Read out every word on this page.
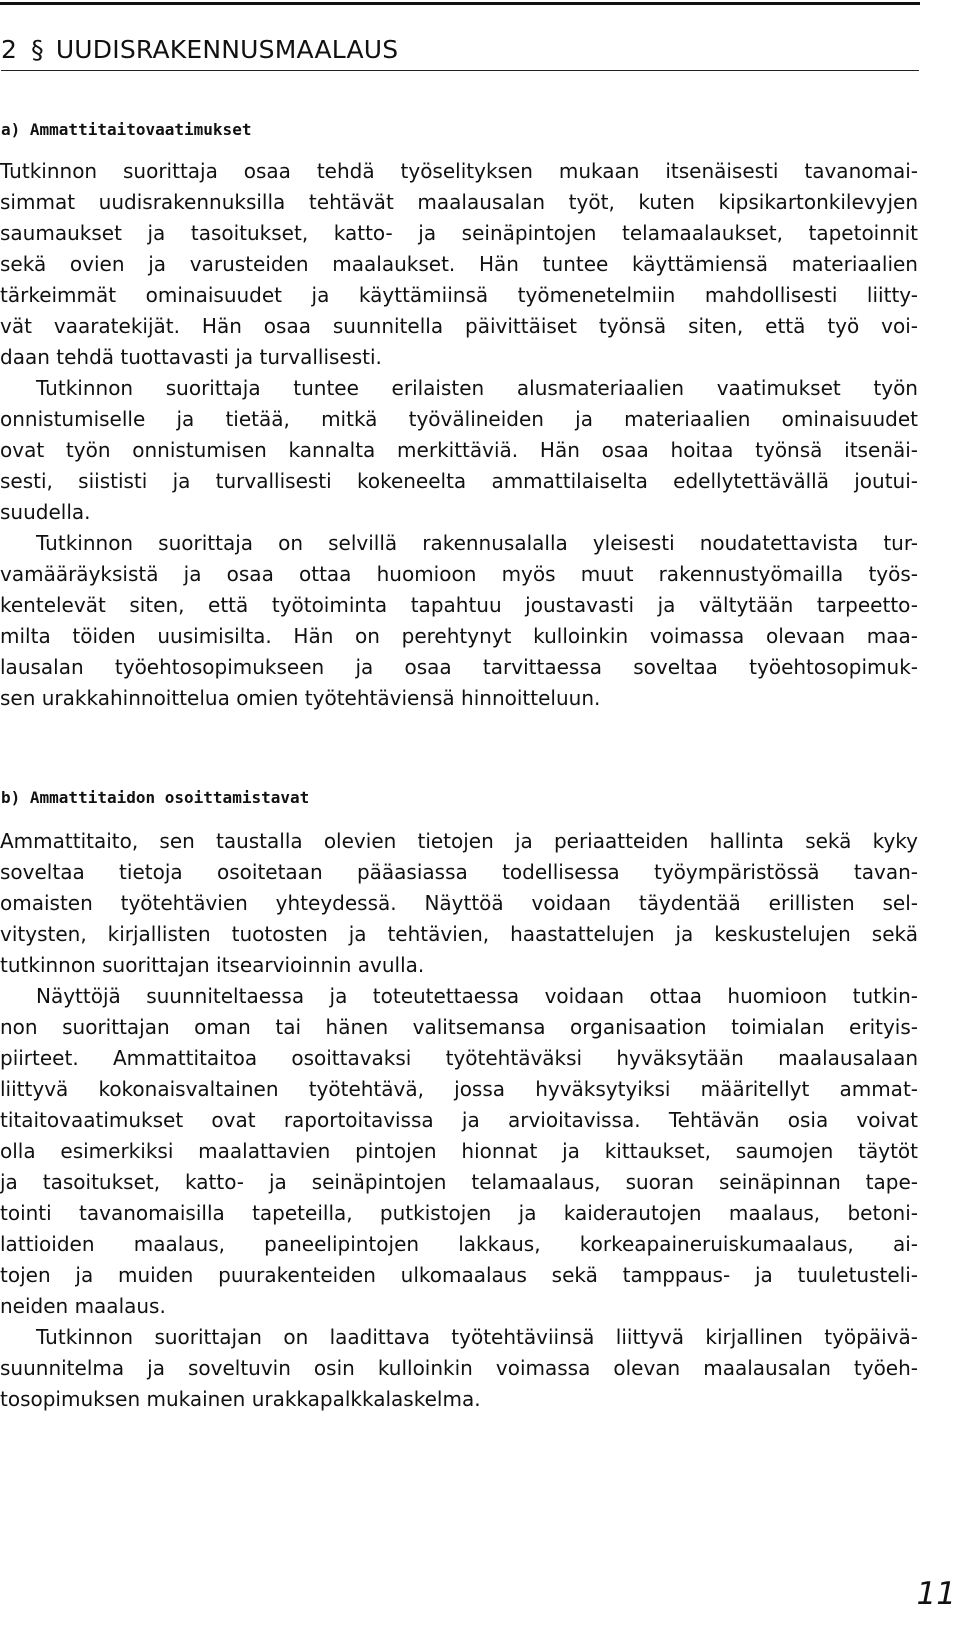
2 § UUDISRAKENNUSMAALAUS
a) Ammattitaitovaatimukset
Tutkinnon suorittaja osaa tehdä työselityksen mukaan itsenäisesti tavanomai-
simmat uudisrakennuksilla tehtävät maalausalan työt, kuten kipsikartonkilevyjen
saumaukset ja tasoitukset, katto- ja seinäpintojen telamaalaukset, tapetoinnit
sekä ovien ja varusteiden maalaukset. Hän tuntee käyttämiensä materiaalien
tärkeimmät ominaisuudet ja käyttämiinsä työmenetelmiin mahdollisesti liitty-
vät vaaratekijät. Hän osaa suunnitella päivittäiset työnsä siten, että työ voi-
daan tehdä tuottavasti ja turvallisesti.
Tutkinnon suorittaja tuntee erilaisten alusmateriaalien vaatimukset työn
onnistumiselle ja tietää, mitkä työvälineiden ja materiaalien ominaisuudet
ovat työn onnistumisen kannalta merkittäviä. Hän osaa hoitaa työnsä itsenäi-
sesti, siististi ja turvallisesti kokeneelta ammattilaiselta edellytettävällä joutui-
suudella.
Tutkinnon suorittaja on selvillä rakennusalalla yleisesti noudatettavista tur-
vamääräyksistä ja osaa ottaa huomioon myös muut rakennustyömailla työs-
kentelevät siten, että työtoiminta tapahtuu joustavasti ja vältytään tarpeetto-
milta töiden uusimisilta. Hän on perehtynyt kulloinkin voimassa olevaan maa-
lausalan työehtosopimukseen ja osaa tarvittaessa soveltaa työehtosopimuk-
sen urakkahinnoittelua omien työtehtäviensä hinnoitteluun.
b) Ammattitaidon osoittamistavat
Ammattitaito, sen taustalla olevien tietojen ja periaatteiden hallinta sekä kyky
soveltaa tietoja osoitetaan pääasiassa todellisessa työympäristössä tavan-
omaisten työtehtävien yhteydessä. Näyttöä voidaan täydentää erillisten sel-
vitysten, kirjallisten tuotosten ja tehtävien, haastattelujen ja keskustelujen sekä
tutkinnon suorittajan itsearvioinnin avulla.
Näyttöjä suunniteltaessa ja toteutettaessa voidaan ottaa huomioon tutkin-
non suorittajan oman tai hänen valitsemansa organisaation toimialan erityis-
piirteet. Ammattitaitoa osoittavaksi työtehtäväksi hyväksytään maalausalaan
liittyvä kokonaisvaltainen työtehtävä, jossa hyväksytyiksi määritellyt ammat-
titaitovaatimukset ovat raportoitavissa ja arvioitavissa. Tehtävän osia voivat
olla esimerkiksi maalattavien pintojen hionnat ja kittaukset, saumojen täytöt
ja tasoitukset, katto- ja seinäpintojen telamaalaus, suoran seinäpinnan tape-
tointi tavanomaisilla tapeteilla, putkistojen ja kaiderautojen maalaus, betoni-
lattioiden maalaus, paneelipintojen lakkaus, korkeapaineruiskumaalaus, ai-
tojen ja muiden puurakenteiden ulkomaalaus sekä tamppaus- ja tuuletusteli-
neiden maalaus.
Tutkinnon suorittajan on laadittava työtehtäviinsä liittyvä kirjallinen työpäivä-
suunnitelma ja soveltuvin osin kulloinkin voimassa olevan maalausalan työeh-
tosopimuksen mukainen urakkapalkkalaskelma.
11
